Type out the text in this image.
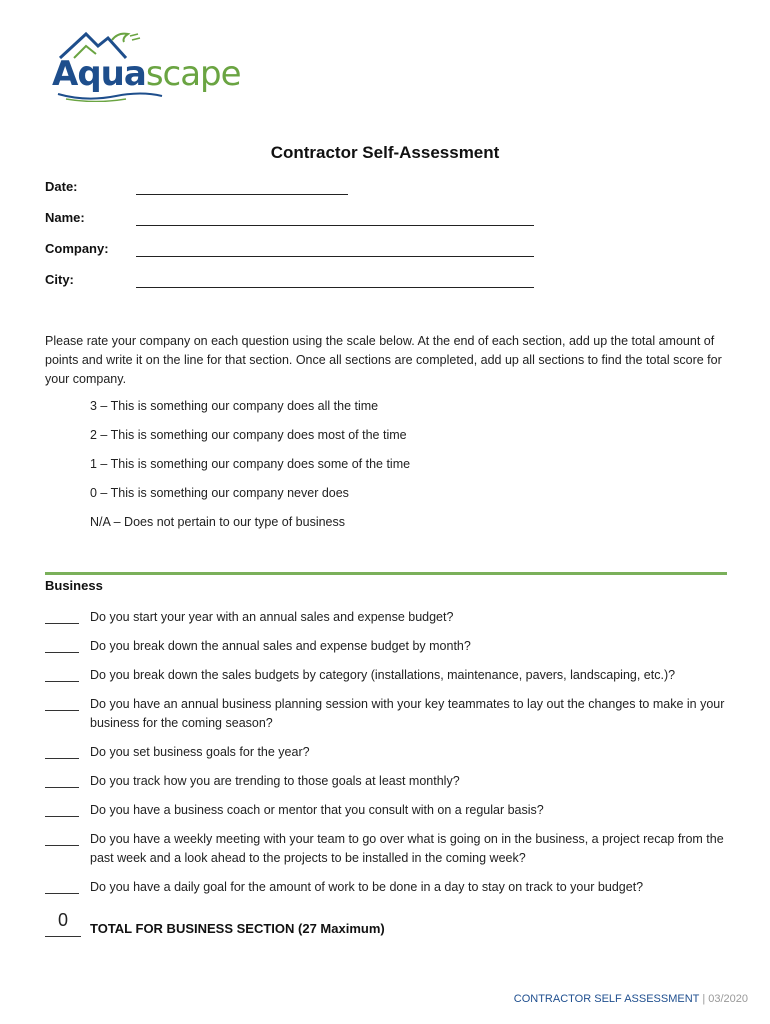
Aquascape
Contractor Self-Assessment
Date:
Name:
Company:
City:
Please rate your company on each question using the scale below. At the end of each section, add up the total amount of points and write it on the line for that section. Once all sections are completed, add up all sections to find the total score for your company.
3 – This is something our company does all the time
2 – This is something our company does most of the time
1 – This is something our company does some of the time
0 – This is something our company never does
N/A – Does not pertain to our type of business
Business
Do you start your year with an annual sales and expense budget?
Do you break down the annual sales and expense budget by month?
Do you break down the sales budgets by category (installations, maintenance, pavers, landscaping, etc.)?
Do you have an annual business planning session with your key teammates to lay out the changes to make in your business for the coming season?
Do you set business goals for the year?
Do you track how you are trending to those goals at least monthly?
Do you have a business coach or mentor that you consult with on a regular basis?
Do you have a weekly meeting with your team to go over what is going on in the business, a project recap from the past week and a look ahead to the projects to be installed in the coming week?
Do you have a daily goal for the amount of work to be done in a day to stay on track to your budget?
0	TOTAL FOR BUSINESS SECTION (27 Maximum)
CONTRACTOR SELF ASSESSMENT | 03/2020
